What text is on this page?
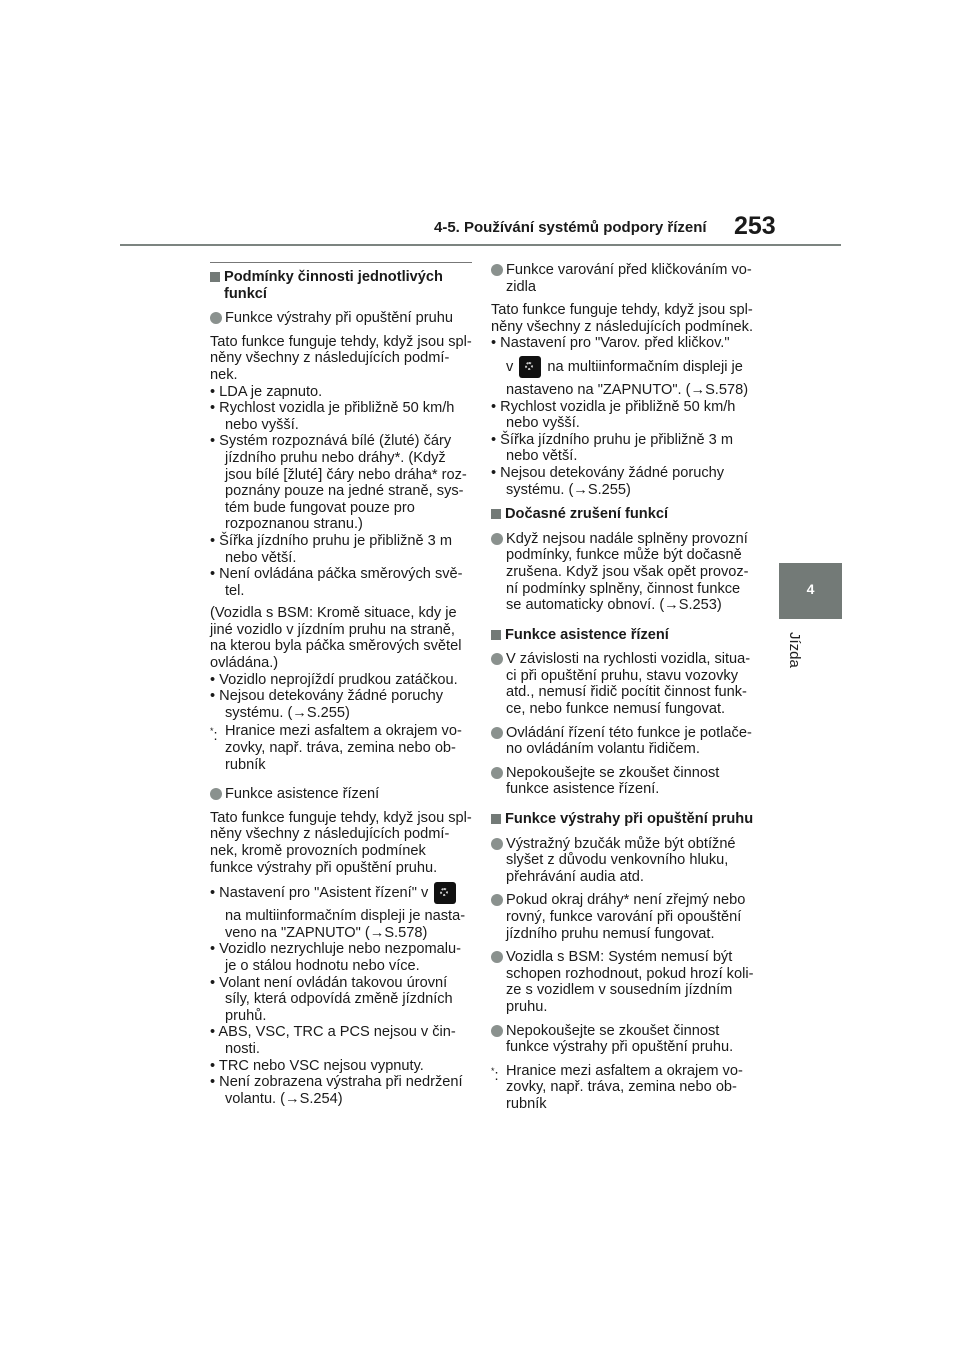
4-5. Používání systémů podpory řízení 253
4
Jízda
Podmínky činnosti jednotlivých funkcí
Funkce výstrahy při opuštění pruhu
Tato funkce funguje tehdy, když jsou spl-něny všechny z následujících podmí-nek.
• LDA je zapnuto.
• Rychlost vozidla je přibližně 50 km/h nebo vyšší.
• Systém rozpoznává bílé (žluté) čáry jízdního pruhu nebo dráhy*. (Když jsou bílé [žluté] čáry nebo dráha* roz-poznány pouze na jedné straně, sys-tém bude fungovat pouze pro rozpoznanou stranu.)
• Šířka jízdního pruhu je přibližně 3 m nebo větší.
• Není ovládána páčka směrových svě-tel.
(Vozidla s BSM: Kromě situace, kdy je jiné vozidlo v jízdním pruhu na straně, na kterou byla páčka směrových světel ovládána.)
• Vozidlo neprojíždí prudkou zatáčkou.
• Nejsou detekovány žádné poruchy systému. (→S.255)
*: Hranice mezi asfaltem a okrajem vo-zovky, např. tráva, zemina nebo ob-rubník
Funkce asistence řízení
Tato funkce funguje tehdy, když jsou spl-něny všechny z následujících podmí-nek, kromě provozních podmínek funkce výstrahy při opuštění pruhu.
• Nastavení pro "Asistent řízení" v
na multiinformačním displeji je nasta-veno na "ZAPNUTO" (→S.578)
• Vozidlo nezrychluje nebo nezpomalu-je o stálou hodnotu nebo více.
• Volant není ovládán takovou úrovní síly, která odpovídá změně jízdních pruhů.
• ABS, VSC, TRC a PCS nejsou v čin-nosti.
• TRC nebo VSC nejsou vypnuty.
• Není zobrazena výstraha při nedržení volantu. (→S.254)
Funkce varování před kličkováním vo-zidla
Tato funkce funguje tehdy, když jsou spl-něny všechny z následujících podmínek.
• Nastavení pro "Varov. před kličkov."
v na multiinformačním displeji je
nastaveno na "ZAPNUTO". (→S.578)
• Rychlost vozidla je přibližně 50 km/h nebo vyšší.
• Šířka jízdního pruhu je přibližně 3 m nebo větší.
• Nejsou detekovány žádné poruchy systému. (→S.255)
Dočasné zrušení funkcí
Když nejsou nadále splněny provozní podmínky, funkce může být dočasně zrušena. Když jsou však opět provoz-ní podmínky splněny, činnost funkce se automaticky obnoví. (→S.253)
Funkce asistence řízení
V závislosti na rychlosti vozidla, situa-ci při opuštění pruhu, stavu vozovky atd., nemusí řidič pocítit činnost funk-ce, nebo funkce nemusí fungovat.
Ovládání řízení této funkce je potlače-no ovládáním volantu řidičem.
Nepokoušejte se zkoušet činnost funkce asistence řízení.
Funkce výstrahy při opuštění pruhu
Výstražný bzučák může být obtížné slyšet z důvodu venkovního hluku, přehrávání audia atd.
Pokud okraj dráhy* není zřejmý nebo rovný, funkce varování při opouštění jízdního pruhu nemusí fungovat.
Vozidla s BSM: Systém nemusí být schopen rozhodnout, pokud hrozí koli-ze s vozidlem v sousedním jízdním pruhu.
Nepokoušejte se zkoušet činnost funkce výstrahy při opuštění pruhu.
*: Hranice mezi asfaltem a okrajem vo-zovky, např. tráva, zemina nebo ob-rubník
